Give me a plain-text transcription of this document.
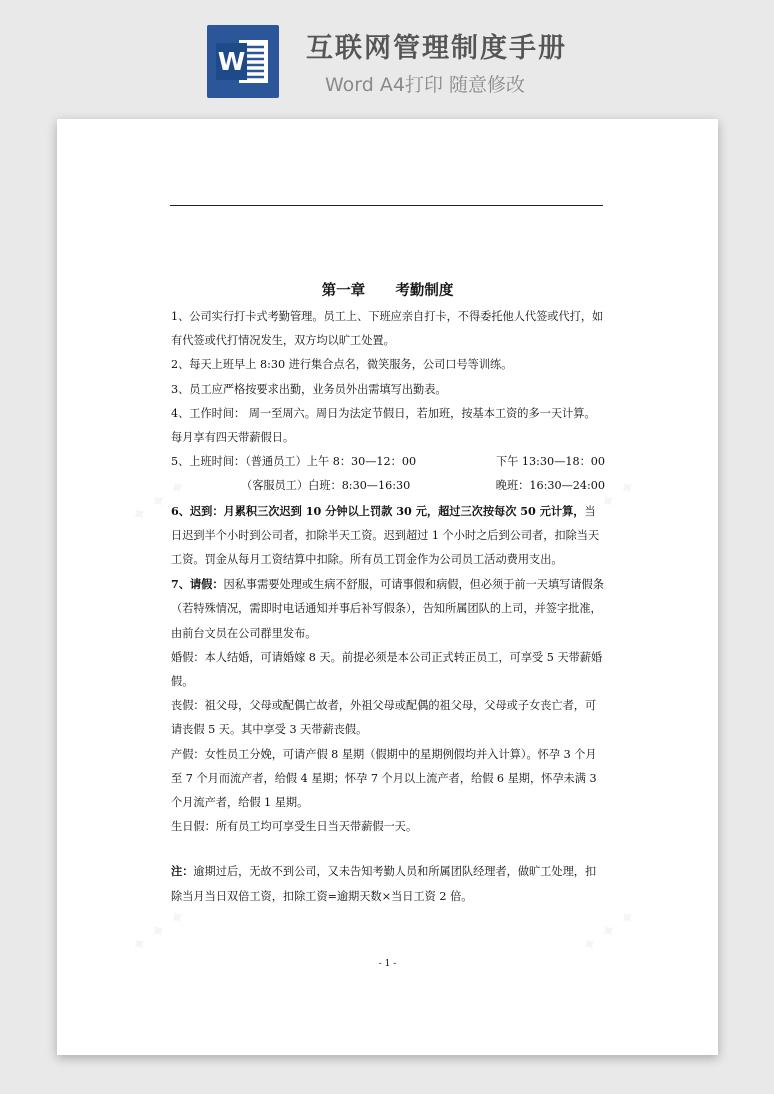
W 互联网管理制度手册
Word A4打印 随意修改
第一章      考勤制度

1、公司实行打卡式考勤管理。员工上、下班应亲自打卡，不得委托他人代签或代打，如有代签或代打情况发生，双方均以旷工处置。

2、每天上班早上 8:30 进行集合点名，微笑服务，公司口号等训练。

3、员工应严格按要求出勤，业务员外出需填写出勤表。

4、工作时间： 周一至周六。周日为法定节假日，若加班，按基本工资的多一天计算。每月享有四天带薪假日。

5、上班时间：（普通员工）上午 8：30—12：00	下午 13:30—18：00
（客服员工）白班：8:30—16:30	晚班：16:30—24:00

6、迟到：月累积三次迟到 10 分钟以上罚款 30 元，超过三次按每次 50 元计算，当日迟到半个小时到公司者，扣除半天工资。迟到超过 1 个小时之后到公司者，扣除当天工资。罚金从每月工资结算中扣除。所有员工罚金作为公司员工活动费用支出。

7、请假：因私事需要处理或生病不舒服，可请事假和病假，但必须于前一天填写请假条（若特殊情况，需即时电话通知并事后补写假条），告知所属团队的上司，并签字批准，由前台文员在公司群里发布。

婚假：本人结婚，可请婚嫁 8 天。前提必须是本公司正式转正员工，可享受 5 天带薪婚假。

丧假：祖父母，父母或配偶亡故者，外祖父母或配偶的祖父母，父母或子女丧亡者，可请丧假 5 天。其中享受 3 天带薪丧假。

产假：女性员工分娩，可请产假 8 星期（假期中的星期例假均并入计算）。怀孕 3 个月至 7 个月而流产者，给假 4 星期；怀孕 7 个月以上流产者，给假 6 星期，怀孕未满 3 个月流产者，给假 1 星期。

生日假：所有员工均可享受生日当天带薪假一天。

注：逾期过后，无故不到公司，又未告知考勤人员和所属团队经理者，做旷工处理，扣除当月当日双倍工资，扣除工资=逾期天数×当日工资 2 倍。

- 1 -
